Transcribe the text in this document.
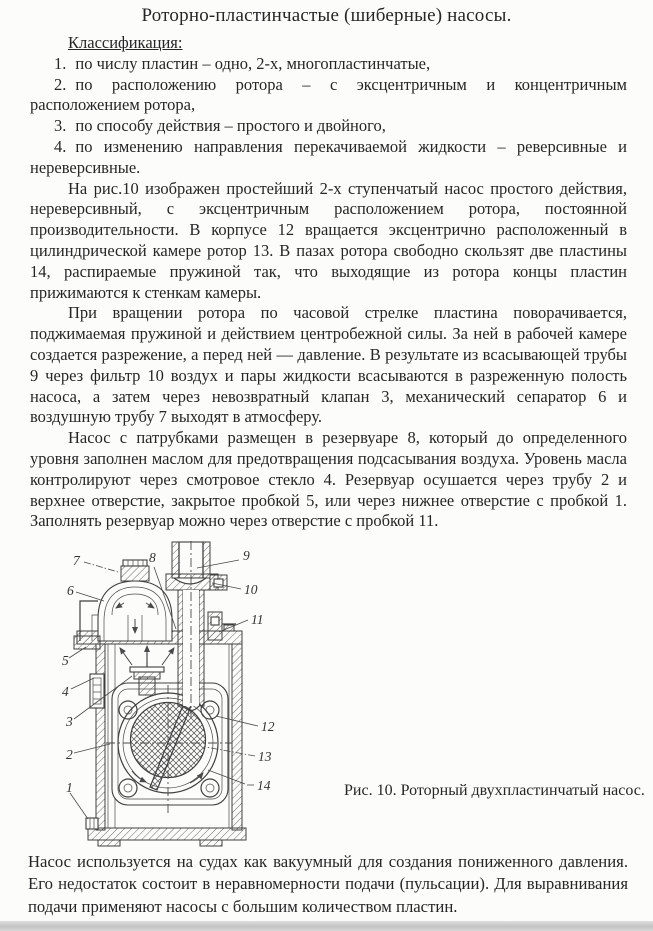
Роторно-пластинчастые (шиберные) насосы.

Классификация:

1. по числу пластин – одно, 2-х, многопластинчатые,

2. по расположению ротора – с эксцентричным и концентричным расположением ротора,

3. по способу действия – простого и двойного,

4. по изменению направления перекачиваемой жидкости – реверсивные и нереверсивные.

На рис.10 изображен простейший 2-х ступенчатый насос простого действия, нереверсивный, с эксцентричным расположением ротора, постоянной производительности. В корпусе 12 вращается эксцентрично расположенный в цилиндрической камере ротор 13. В пазах ротора свободно скользят две пластины 14, распираемые пружиной так, что выходящие из ротора концы пластин прижимаются к стенкам камеры.

При вращении ротора по часовой стрелке пластина поворачивается, поджимаемая пружиной и действием центробежной силы. За ней в рабочей камере создается разрежение, а перед ней — давление. В результате из всасывающей трубы 9 через фильтр 10 воздух и пары жидкости всасываются в разреженную полость насоса, а затем через невозвратный клапан 3, механический сепаратор 6 и воздушную трубу 7 выходят в атмосферу.

Насос с патрубками размещен в резервуаре 8, который до определенного уровня заполнен маслом для предотвращения подсасывания воздуха. Уровень масла контролируют через смотровое стекло 4. Резервуар осушается через трубу 2 и верхнее отверстие, закрытое пробкой 5, или через нижнее отверстие с пробкой 1. Заполнять резервуар можно через отверстие с пробкой 11.

7	8	9
10
6
11
5
4
3
2
1
12
13
14	Рис. 10. Роторный двухпластинчатый насос.
Насос используется на судах как вакуумный для создания пониженного давления. Его недостаток состоит в неравномерности подачи (пульсации). Для выравнивания подачи применяют насосы с большим количеством пластин.
